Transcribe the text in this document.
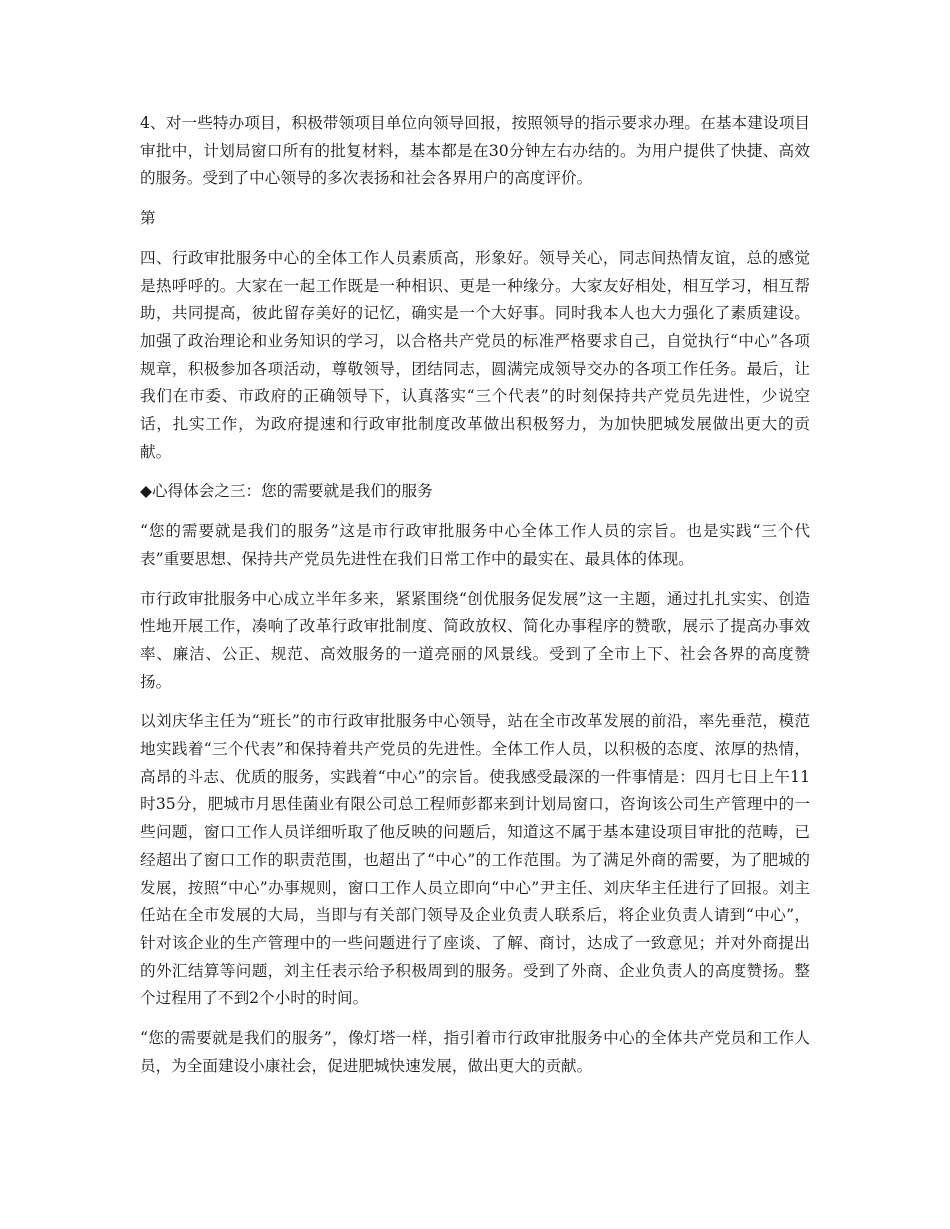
4、对一些特办项目，积极带领项目单位向领导回报，按照领导的指示要求办理。在基本建设项目审批中，计划局窗口所有的批复材料，基本都是在30分钟左右办结的。为用户提供了快捷、高效的服务。受到了中心领导的多次表扬和社会各界用户的高度评价。

第

四、行政审批服务中心的全体工作人员素质高，形象好。领导关心，同志间热情友谊，总的感觉是热呼呼的。大家在一起工作既是一种相识、更是一种缘分。大家友好相处，相互学习，相互帮助，共同提高，彼此留存美好的记忆，确实是一个大好事。同时我本人也大力强化了素质建设。加强了政治理论和业务知识的学习，以合格共产党员的标准严格要求自己，自觉执行“中心”各项规章，积极参加各项活动，尊敬领导，团结同志，圆满完成领导交办的各项工作任务。最后，让我们在市委、市政府的正确领导下，认真落实“三个代表”的时刻保持共产党员先进性，少说空话，扎实工作，为政府提速和行政审批制度改革做出积极努力，为加快肥城发展做出更大的贡献。

◆心得体会之三：您的需要就是我们的服务

“您的需要就是我们的服务”这是市行政审批服务中心全体工作人员的宗旨。也是实践“三个代表”重要思想、保持共产党员先进性在我们日常工作中的最实在、最具体的体现。

市行政审批服务中心成立半年多来，紧紧围绕“创优服务促发展”这一主题，通过扎扎实实、创造性地开展工作，凑响了改革行政审批制度、简政放权、简化办事程序的赞歌，展示了提高办事效率、廉洁、公正、规范、高效服务的一道亮丽的风景线。受到了全市上下、社会各界的高度赞扬。

以刘庆华主任为“班长”的市行政审批服务中心领导，站在全市改革发展的前沿，率先垂范，模范地实践着“三个代表”和保持着共产党员的先进性。全体工作人员，以积极的态度、浓厚的热情，高昂的斗志、优质的服务，实践着“中心”的宗旨。使我感受最深的一件事情是：四月七日上午11时35分，肥城市月思佳菌业有限公司总工程师彭都来到计划局窗口，咨询该公司生产管理中的一些问题，窗口工作人员详细听取了他反映的问题后，知道这不属于基本建设项目审批的范畴，已经超出了窗口工作的职责范围，也超出了“中心”的工作范围。为了满足外商的需要，为了肥城的发展，按照“中心”办事规则，窗口工作人员立即向“中心”尹主任、刘庆华主任进行了回报。刘主任站在全市发展的大局，当即与有关部门领导及企业负责人联系后，将企业负责人请到“中心”，针对该企业的生产管理中的一些问题进行了座谈、了解、商讨，达成了一致意见；并对外商提出的外汇结算等问题，刘主任表示给予积极周到的服务。受到了外商、企业负责人的高度赞扬。整个过程用了不到2个小时的时间。

“您的需要就是我们的服务”，像灯塔一样，指引着市行政审批服务中心的全体共产党员和工作人员，为全面建设小康社会，促进肥城快速发展，做出更大的贡献。
